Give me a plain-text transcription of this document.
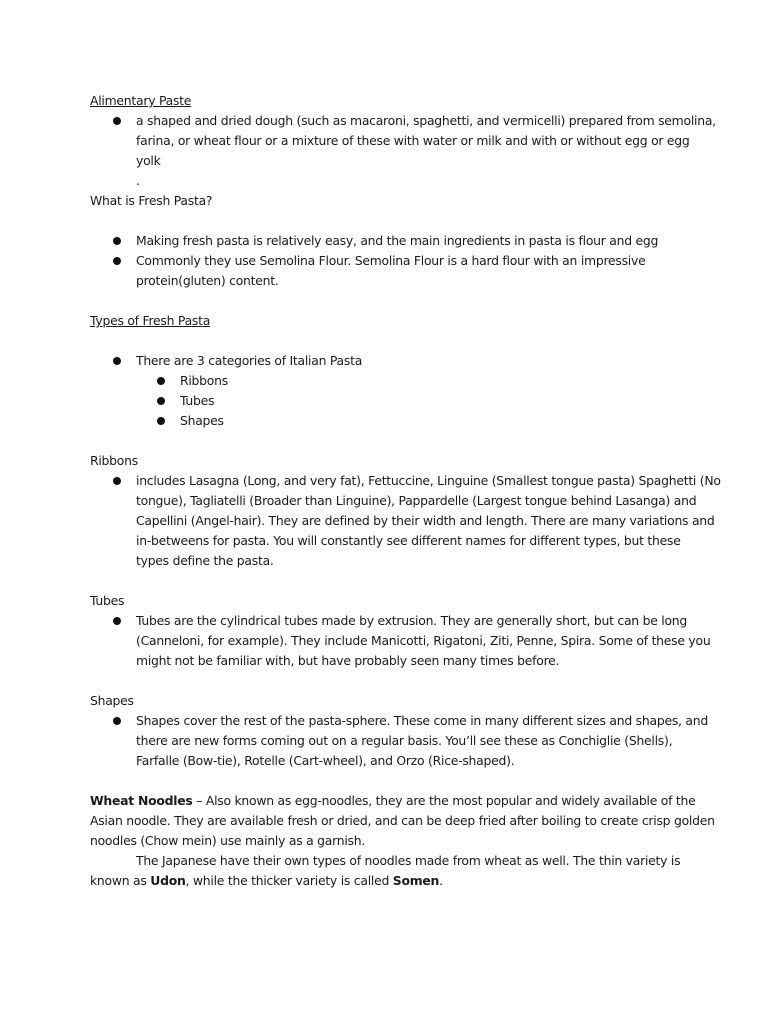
Alimentary Paste

a shaped and dried dough (such as macaroni, spaghetti, and vermicelli) prepared from semolina,

farina, or wheat flour or a mixture of these with water or milk and with or without egg or egg

yolk

.

What is Fresh Pasta?

Making fresh pasta is relatively easy, and the main ingredients in pasta is flour and egg

Commonly they use Semolina Flour. Semolina Flour is a hard flour with an impressive

protein(gluten) content.

Types of Fresh Pasta

There are 3 categories of Italian Pasta

Ribbons

Tubes

Shapes

Ribbons

includes Lasagna (Long, and very fat), Fettuccine, Linguine (Smallest tongue pasta) Spaghetti (No

tongue), Tagliatelli (Broader than Linguine), Pappardelle (Largest tongue behind Lasanga) and

Capellini (Angel-hair). They are defined by their width and length. There are many variations and

in-betweens for pasta. You will constantly see different names for different types, but these

types define the pasta.

Tubes

Tubes are the cylindrical tubes made by extrusion. They are generally short, but can be long

(Canneloni, for example). They include Manicotti, Rigatoni, Ziti, Penne, Spira. Some of these you

might not be familiar with, but have probably seen many times before.

Shapes

Shapes cover the rest of the pasta-sphere. These come in many different sizes and shapes, and

there are new forms coming out on a regular basis. You’ll see these as Conchiglie (Shells),

Farfalle (Bow-tie), Rotelle (Cart-wheel), and Orzo (Rice-shaped).

Wheat Noodles – Also known as egg-noodles, they are the most popular and widely available of the

Asian noodle. They are available fresh or dried, and can be deep fried after boiling to create crisp golden

noodles (Chow mein) use mainly as a garnish.

The Japanese have their own types of noodles made from wheat as well. The thin variety is

known as Udon, while the thicker variety is called Somen.
